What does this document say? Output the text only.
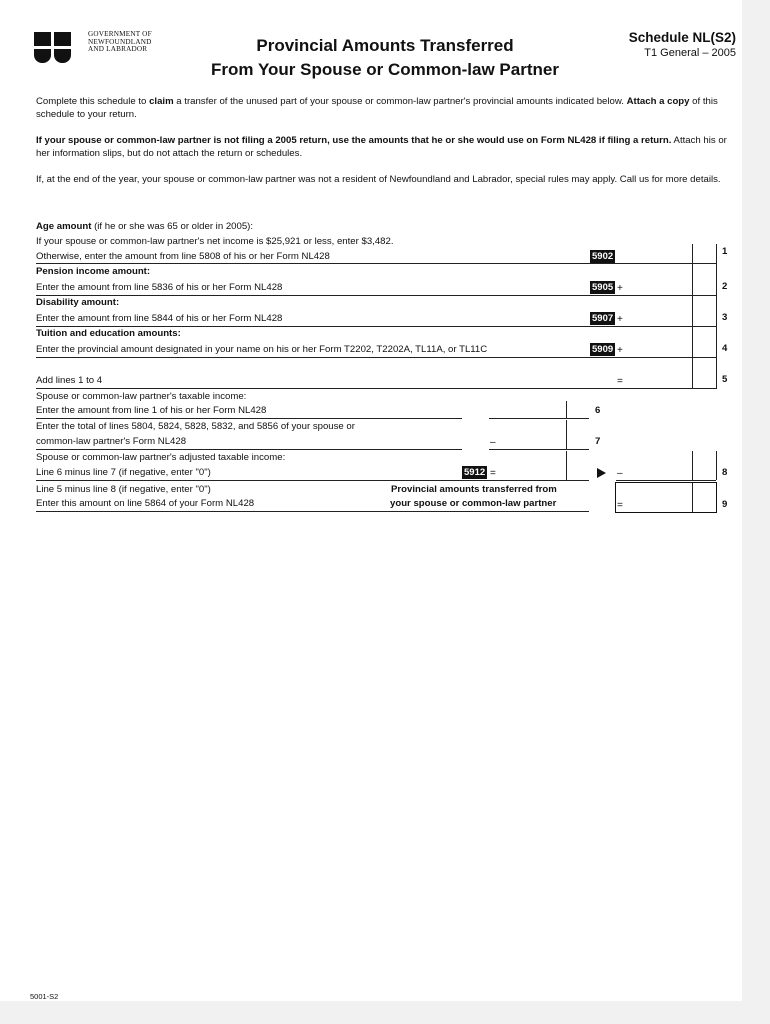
GOVERNMENT OF
NEWFOUNDLAND
AND LABRADOR	Provincial Amounts Transferred
From Your Spouse or Common-law Partner
Schedule NL(S2)
T1 General – 2005
Complete this schedule to claim a transfer of the unused part of your spouse or common-law partner's provincial amounts indicated below. Attach a copy of this schedule to your return.
If your spouse or common-law partner is not filing a 2005 return, use the amounts that he or she would use on Form NL428 if filing a return. Attach his or her information slips, but do not attach the return or schedules.
If, at the end of the year, your spouse or common-law partner was not a resident of Newfoundland and Labrador, special rules may apply. Call us for more details.
Age amount (if he or she was 65 or older in 2005):
If your spouse or common-law partner's net income is $25,921 or less, enter $3,482.
Otherwise, enter the amount from line 5808 of his or her Form NL428	5902	1
Pension income amount:
Enter the amount from line 5836 of his or her Form NL428	5905 +	2
Disability amount:
Enter the amount from line 5844 of his or her Form NL428	5907 +	3
Tuition and education amounts:
Enter the provincial amount designated in your name on his or her Form T2202, T2202A, TL11A, or TL11C	5909 +	4
Add lines 1 to 4	=	5
Spouse or common-law partner's taxable income:
Enter the amount from line 1 of his or her Form NL428	6
Enter the total of lines 5804, 5824, 5828, 5832, and 5856 of your spouse or
common-law partner's Form NL428	–	7
Spouse or common-law partner's adjusted taxable income:
Line 6 minus line 7 (if negative, enter "0")	5912 =	–	8
Line 5 minus line 8 (if negative, enter "0")
Enter this amount on line 5864 of your Form NL428
Provincial amounts transferred from
your spouse or common-law partner	=	9
5001-S2
